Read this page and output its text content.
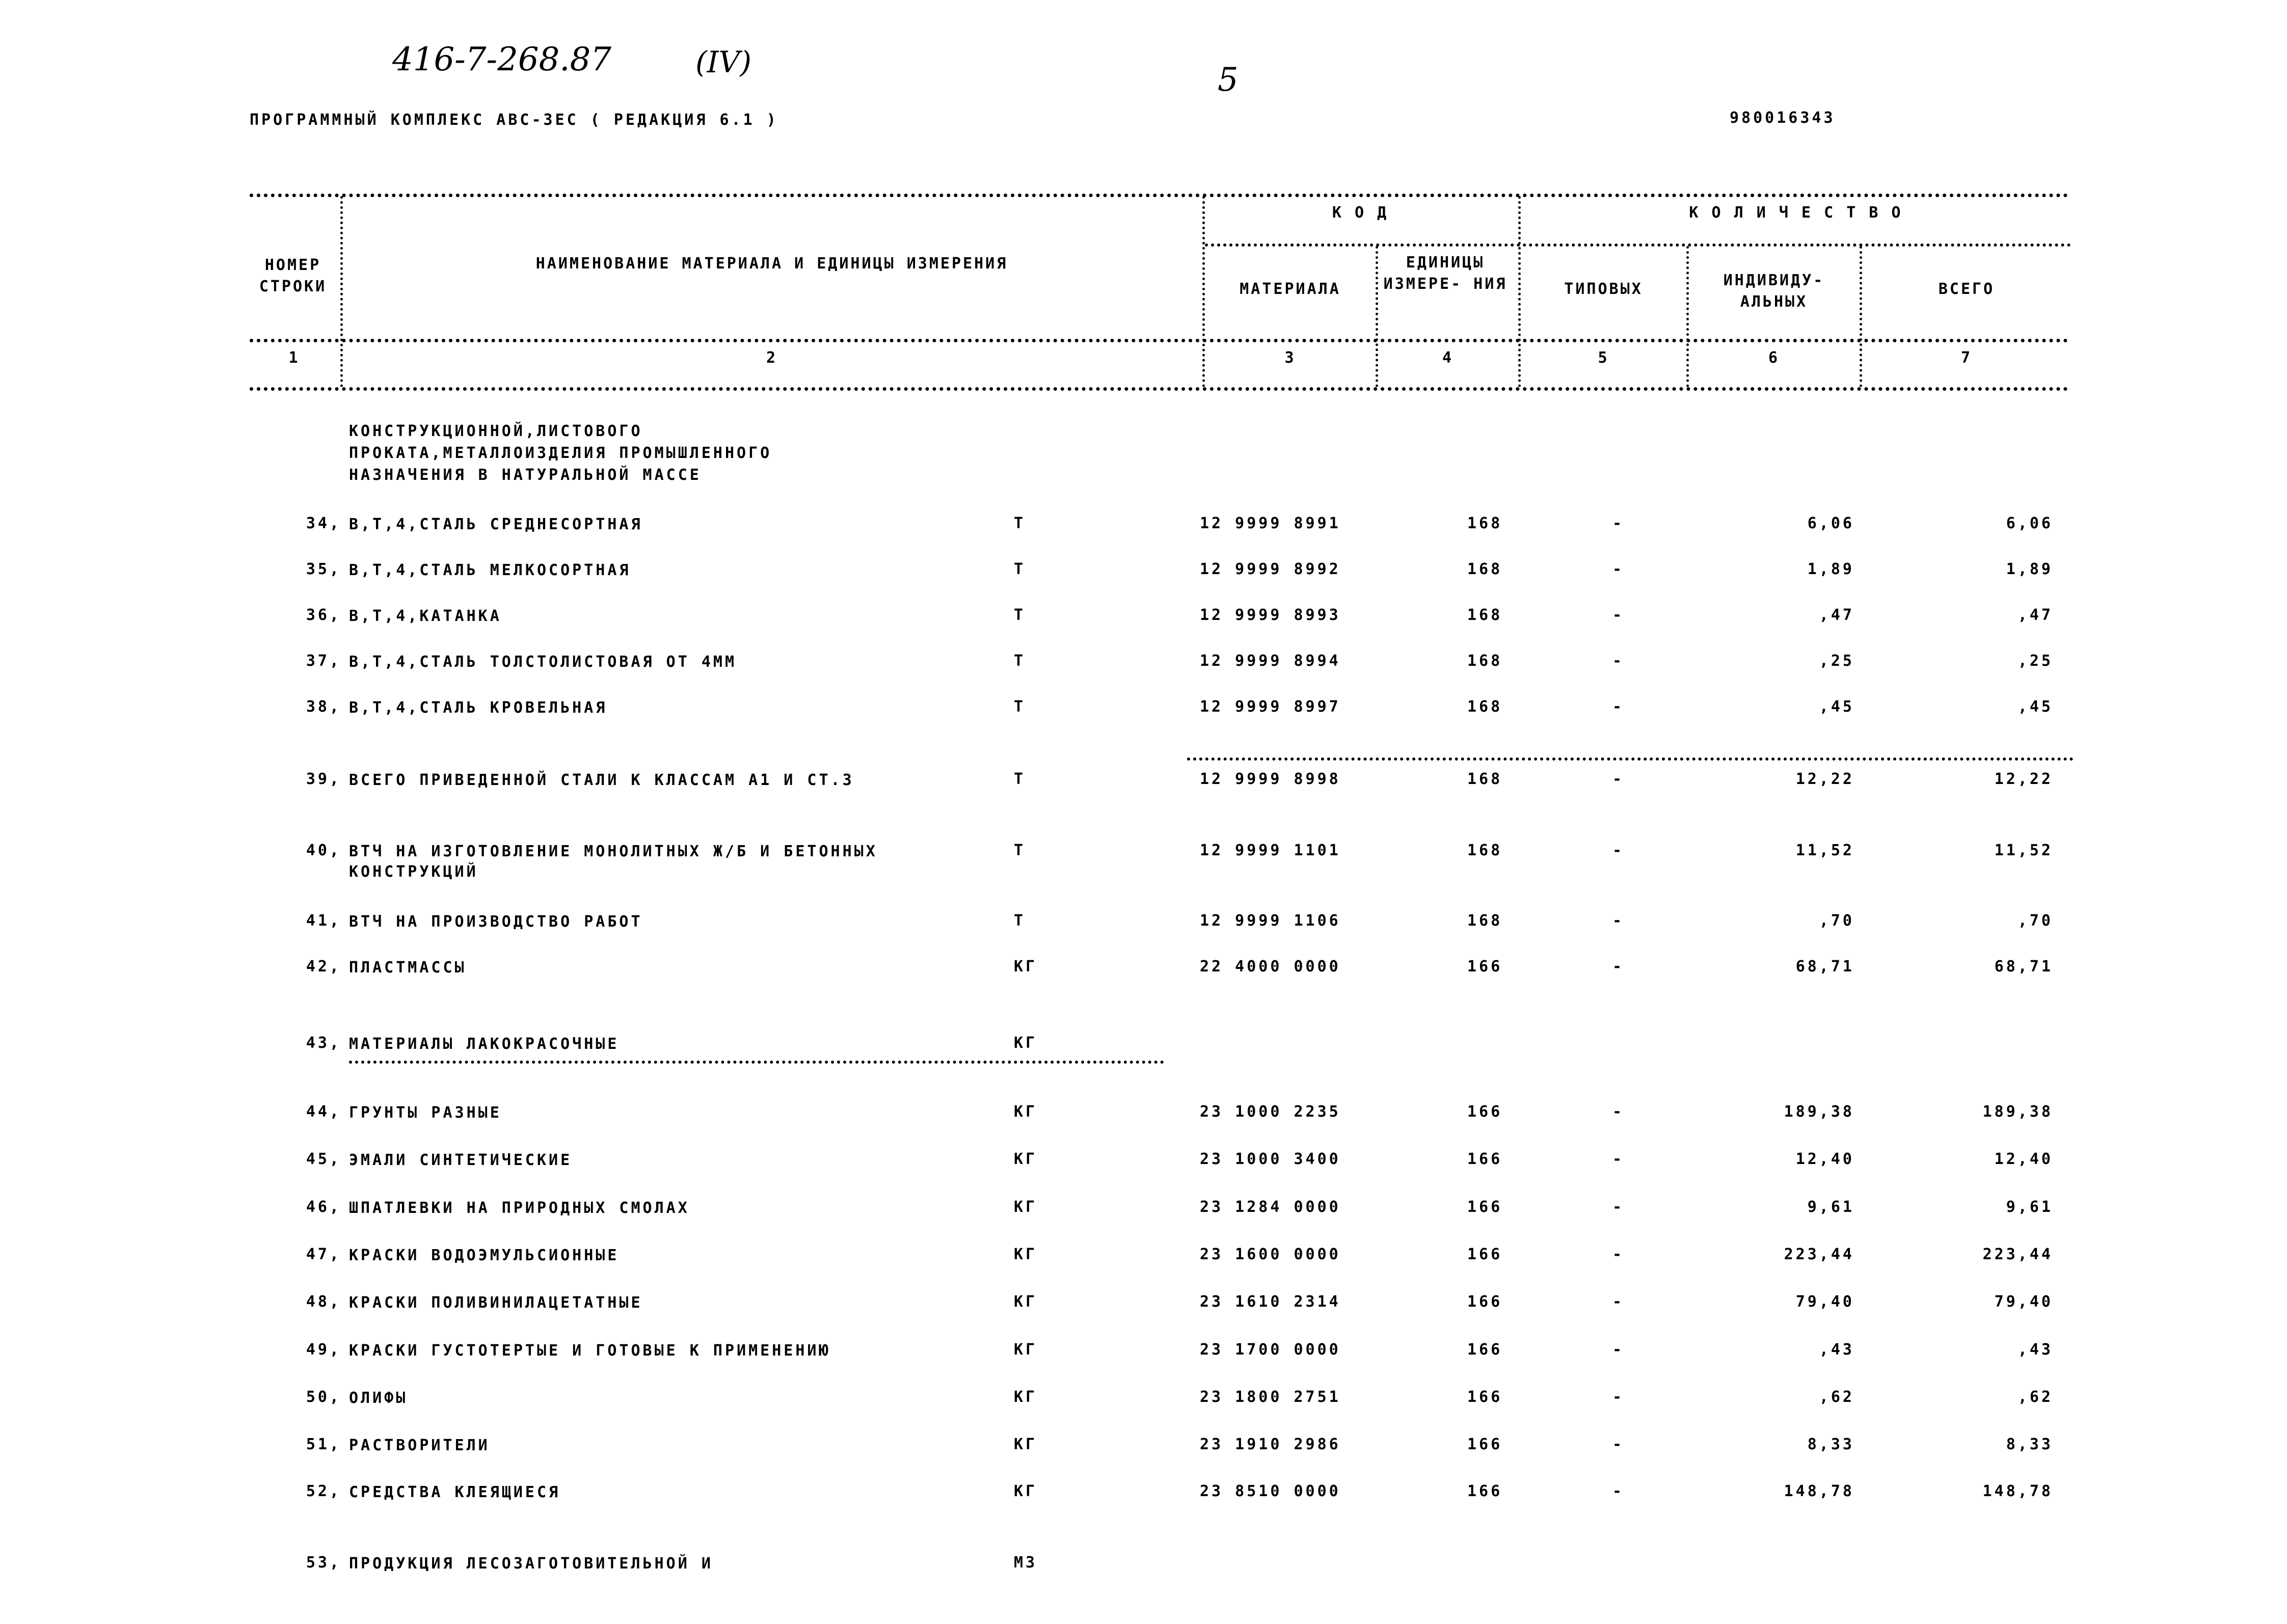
416-7-268.87	(IV)	5
ПРОГРАММНЫЙ КОМПЛЕКС АВС-3ЕС ( РЕДАКЦИЯ 6.1 )	980016343
НОМЕР СТРОКИ
НАИМЕНОВАНИЕ МАТЕРИАЛА И ЕДИНИЦЫ ИЗМЕРЕНИЯ
К О Д	К О Л И Ч Е С Т В О
МАТЕРИАЛА
ЕДИНИЦЫ ИЗМЕРЕ- НИЯ	ТИПОВЫХ	ИНДИВИДУ- АЛЬНЫХ
ВСЕГО
1	2	3	4	5	6	7
КОНСТРУКЦИОННОЙ,ЛИСТОВОГО
ПРОКАТА,МЕТАЛЛОИЗДЕЛИЯ ПРОМЫШЛЕННОГО
НАЗНАЧЕНИЯ В НАТУРАЛЬНОЙ МАССЕ
34, В,Т,4,СТАЛЬ СРЕДНЕСОРТНАЯ	Т	12 9999 8991	168	-	6,06	6,06
35, В,Т,4,СТАЛЬ МЕЛКОСОРТНАЯ	Т	12 9999 8992	168	-	1,89	1,89
36, В,Т,4,КАТАНКА	Т	12 9999 8993	168	-	,47	,47
37, В,Т,4,СТАЛЬ ТОЛСТОЛИСТОВАЯ ОТ 4ММ	Т	12 9999 8994	168	-	,25	,25
38, В,Т,4,СТАЛЬ КРОВЕЛЬНАЯ	Т	12 9999 8997	168	-	,45	,45
39, ВСЕГО ПРИВЕДЕННОЙ СТАЛИ К КЛАССАМ А1 И СТ.3	Т	12 9999 8998	168	-	12,22	12,22
40, ВТЧ НА ИЗГОТОВЛЕНИЕ МОНОЛИТНЫХ Ж/Б И БЕТОННЫХ КОНСТРУКЦИЙ
Т	12 9999 1101	168	-	11,52	11,52
41, ВТЧ НА ПРОИЗВОДСТВО РАБОТ	Т	12 9999 1106	168	-	,70	,70
42, ПЛАСТМАССЫ	КГ	22 4000 0000	166	-	68,71	68,71
43, МАТЕРИАЛЫ ЛАКОКРАСОЧНЫЕ	КГ
44, ГРУНТЫ РАЗНЫЕ	КГ	23 1000 2235	166	-	189,38	189,38
45, ЭМАЛИ СИНТЕТИЧЕСКИЕ	КГ	23 1000 3400	166	-	12,40	12,40
46, ШПАТЛЕВКИ НА ПРИРОДНЫХ СМОЛАХ	КГ	23 1284 0000	166	-	9,61	9,61
47, КРАСКИ ВОДОЭМУЛЬСИОННЫЕ	КГ	23 1600 0000	166	-	223,44	223,44
48, КРАСКИ ПОЛИВИНИЛАЦЕТАТНЫЕ	КГ	23 1610 2314	166	-	79,40	79,40
49, КРАСКИ ГУСТОТЕРТЫЕ И ГОТОВЫЕ К ПРИМЕНЕНИЮ	КГ	23 1700 0000	166	-	,43	,43
50, ОЛИФЫ	КГ	23 1800 2751	166	-	,62	,62
51, РАСТВОРИТЕЛИ	КГ	23 1910 2986	166	-	8,33	8,33
52, СРЕДСТВА КЛЕЯЩИЕСЯ	КГ	23 8510 0000	166	-	148,78	148,78
53, ПРОДУКЦИЯ ЛЕСОЗАГОТОВИТЕЛЬНОЙ И	М3
